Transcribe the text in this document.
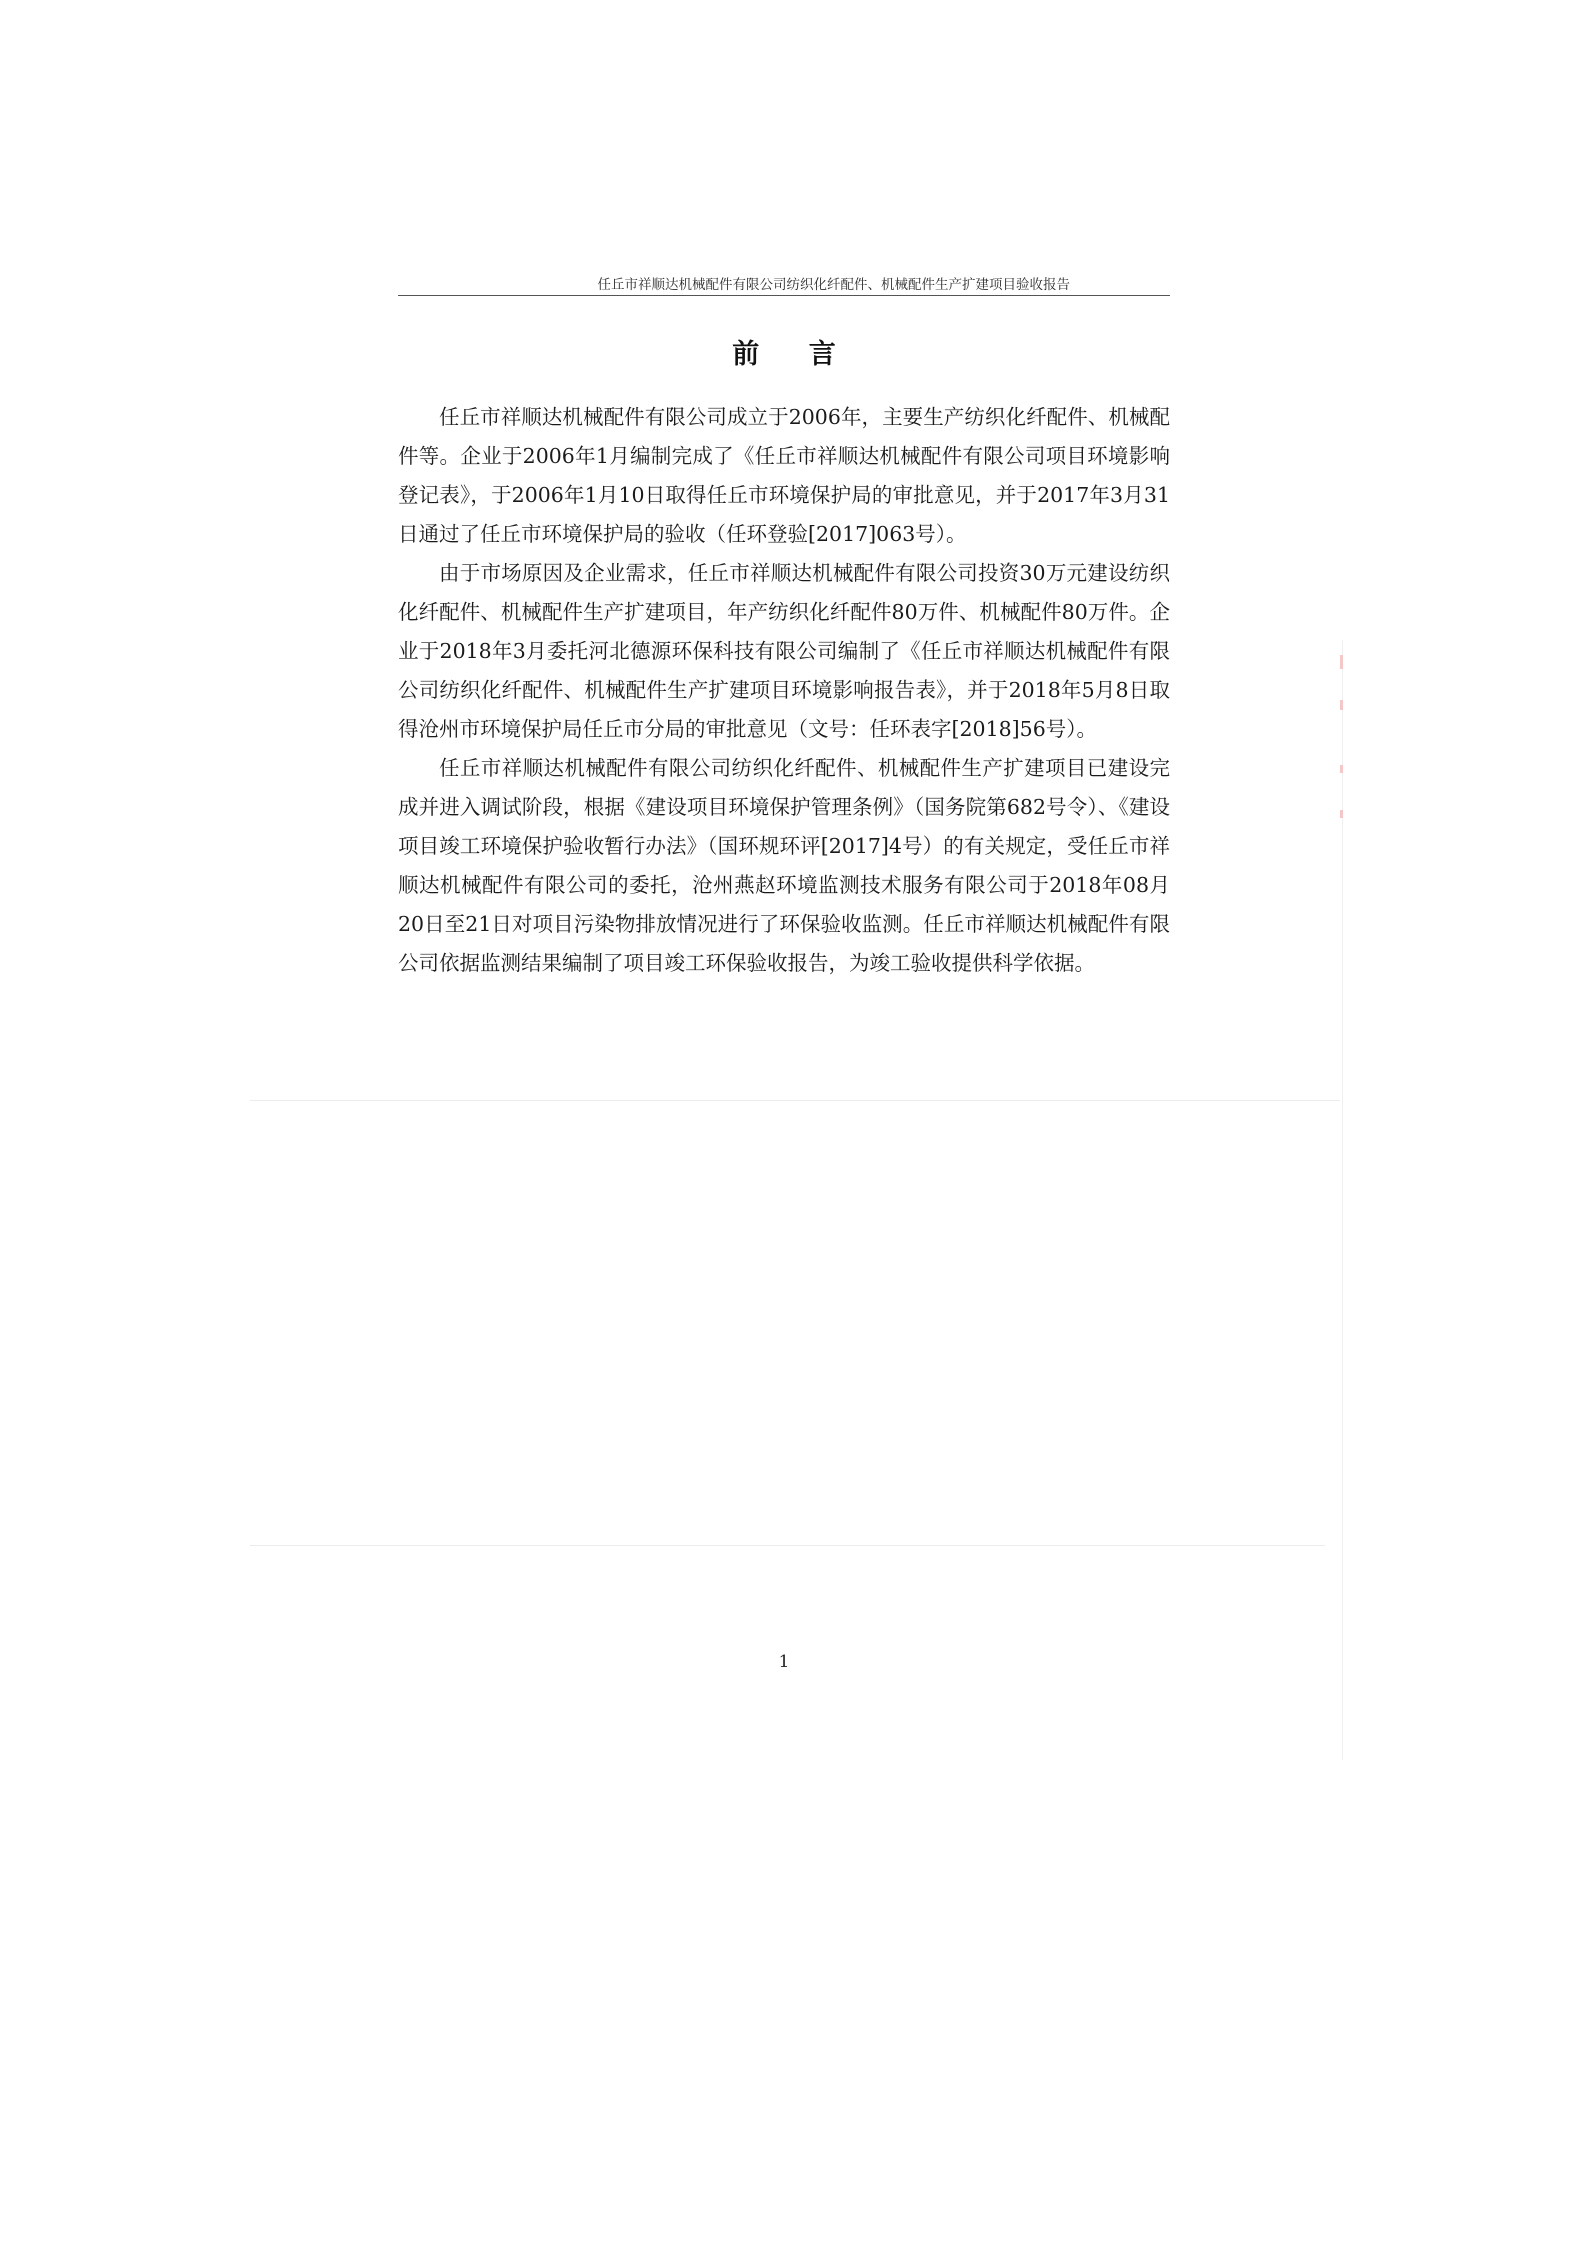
任丘市祥顺达机械配件有限公司纺织化纤配件、机械配件生产扩建项目验收报告
前 言

任丘市祥顺达机械配件有限公司成立于2006年，主要生产纺织化纤配件、机械配件等。企业于2006年1月编制完成了《任丘市祥顺达机械配件有限公司项目环境影响登记表》，于2006年1月10日取得任丘市环境保护局的审批意见，并于2017年3月31日通过了任丘市环境保护局的验收（任环登验[2017]063号）。

由于市场原因及企业需求，任丘市祥顺达机械配件有限公司投资30万元建设纺织化纤配件、机械配件生产扩建项目，年产纺织化纤配件80万件、机械配件80万件。企业于2018年3月委托河北德源环保科技有限公司编制了《任丘市祥顺达机械配件有限公司纺织化纤配件、机械配件生产扩建项目环境影响报告表》，并于2018年5月8日取得沧州市环境保护局任丘市分局的审批意见（文号：任环表字[2018]56号）。

任丘市祥顺达机械配件有限公司纺织化纤配件、机械配件生产扩建项目已建设完成并进入调试阶段，根据《建设项目环境保护管理条例》（国务院第682号令）、《建设项目竣工环境保护验收暂行办法》（国环规环评[2017]4号）的有关规定，受任丘市祥顺达机械配件有限公司的委托，沧州燕赵环境监测技术服务有限公司于2018年08月20日至21日对项目污染物排放情况进行了环保验收监测。任丘市祥顺达机械配件有限公司依据监测结果编制了项目竣工环保验收报告，为竣工验收提供科学依据。

1
